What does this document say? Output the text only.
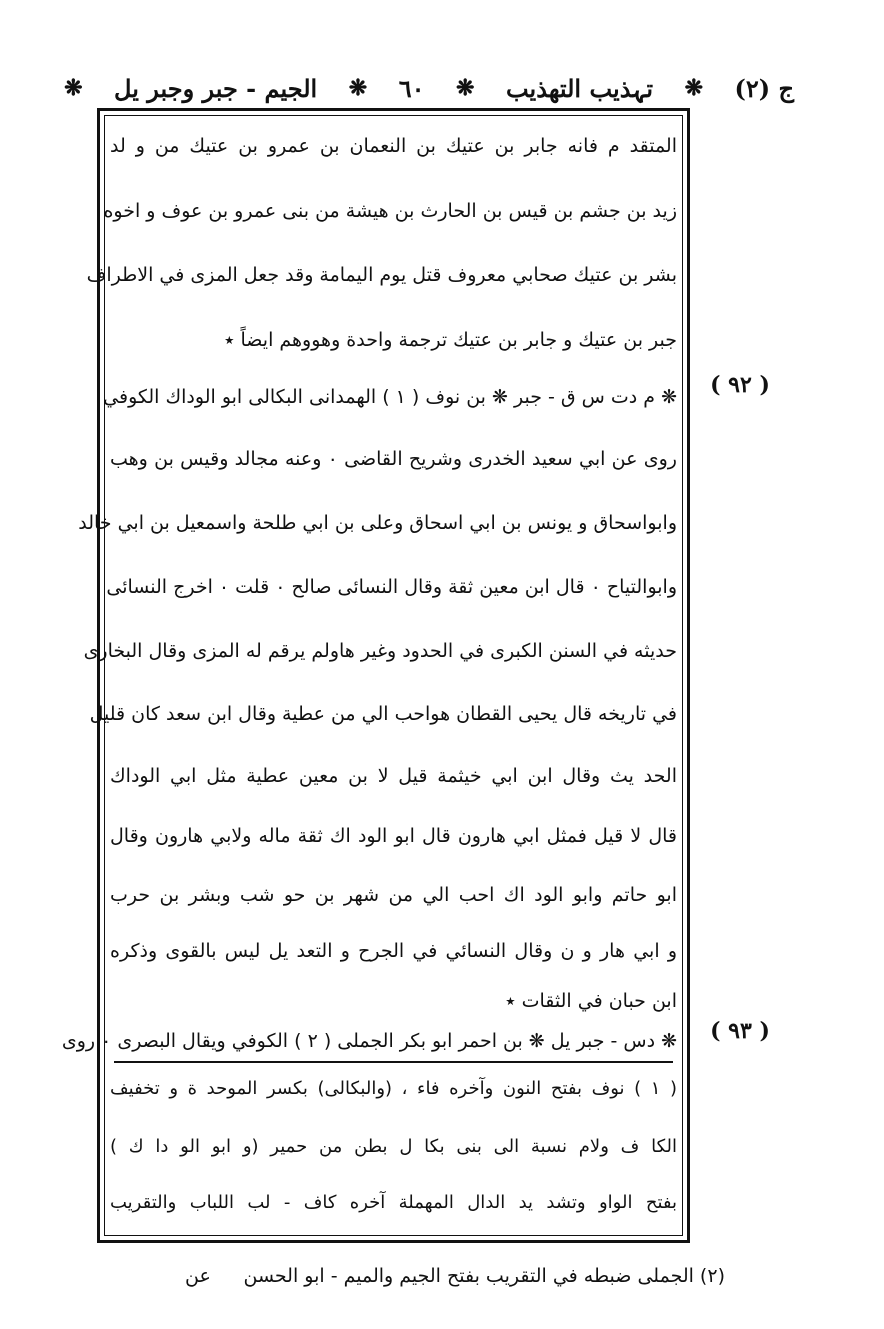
ج (٢)
❋
تہذیب التھذیب
❋
٦٠
❋
الجیم - جبر وجبر یل
❋
المتقد م فانه جابر بن عتیك بن النعمان بن عمرو بن عتیك من و لد
زید بن جشم بن قیس بن الحارث بن هیشة من بنی عمرو بن عوف و اخوه
بشر بن عتیك صحابي معروف قتل یوم الیمامة وقد جعل المزی في الاطراف
جبر بن عتیك و جابر بن عتیك ترجمة واحدة وهووهم ایضاً ٭
❋ م دت س ق - جبر ❋ بن نوف ( ١ ) الهمدانی البكالی ابو الوداك الكوفي
روی عن ابي سعید الخدری وشریح القاضی ٠ وعنه مجالد وقیس بن وهب
وابواسحاق و یونس بن ابي اسحاق وعلی بن ابي طلحة واسمعیل بن ابي خالد
وابوالتیاح ٠ قال ابن معین ثقة وقال النسائی صالح ٠ قلت ٠ اخرج النسائی
حدیثه في السنن الكبری في الحدود وغیر هاولم یرقم له المزی وقال البخاری
في تاریخه قال یحیی القطان هواحب الي من عطیة وقال ابن سعد كان قلیل
الحد یث وقال ابن ابي خیثمة قیل لا بن معین عطیة مثل ابي الوداك
قال لا قیل فمثل ابي هارون قال ابو الود اك ثقة ماله ولابي هارون وقال
ابو حاتم وابو الود اك احب الي من شهر بن حو شب وبشر بن حرب
و ابي هار و ن وقال النسائي في الجرح و التعد یل لیس بالقوی وذكره
ابن حبان في الثقات ٭
❋ دس - جبر یل ❋ بن احمر ابو بكر الجملی ( ٢ ) الكوفي ویقال البصری ٠ روی
( ١ ) نوف بفتح النون وآخره فاء ، (والبكالی) بكسر الموحد ة و تخفیف
الكا ف ولام نسبة الی بنی بكا ل بطن من حمیر (و ابو الو دا ك )
بفتح الواو وتشد ید الدال المهملة آخره كاف - لب اللباب والتقریب
( ٩٢ )
( ٩٣ )
(٢) الجملی ضبطه في التقریب بفتح الجیم والمیم - ابو الحسن
عن
